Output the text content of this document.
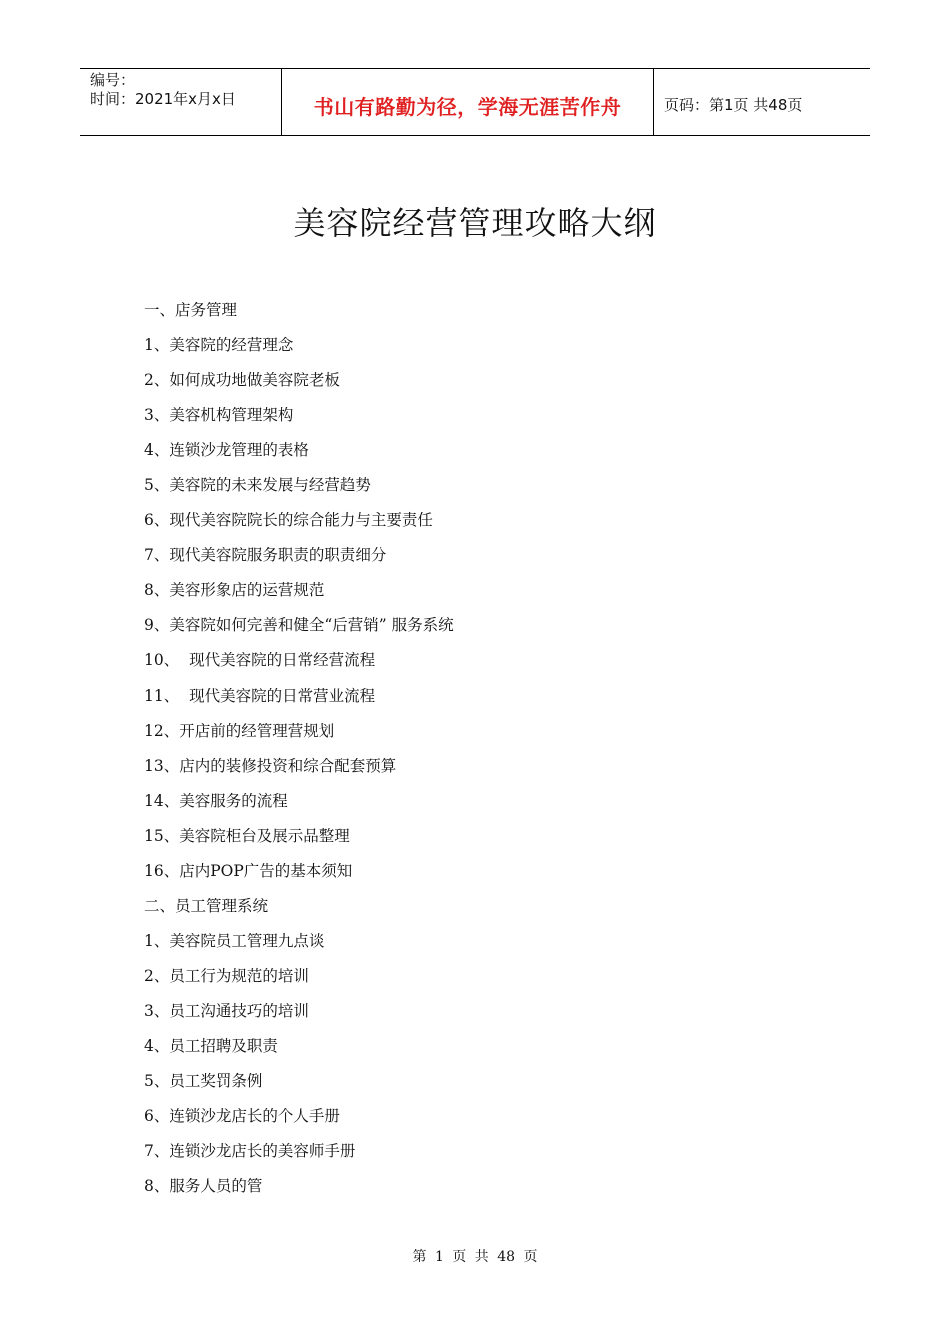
编号：
时间：2021年x月x日	书山有路勤为径，学海无涯苦作舟	页码：第1页 共48页
美容院经营管理攻略大纲
一、店务管理
1、美容院的经营理念
2、如何成功地做美容院老板
3、美容机构管理架构
4、连锁沙龙管理的表格
5、美容院的未来发展与经营趋势
6、现代美容院院长的综合能力与主要责任
7、现代美容院服务职责的职责细分
8、美容形象店的运营规范
9、美容院如何完善和健全“后营销” 服务系统
10、  现代美容院的日常经营流程
11、  现代美容院的日常营业流程
12、开店前的经管理营规划
13、店内的装修投资和综合配套预算
14、美容服务的流程
15、美容院柜台及展示品整理
16、店内POP广告的基本须知
二、员工管理系统
1、美容院员工管理九点谈
2、员工行为规范的培训
3、员工沟通技巧的培训
4、员工招聘及职责
5、员工奖罚条例
6、连锁沙龙店长的个人手册
7、连锁沙龙店长的美容师手册
8、服务人员的管
第 1 页 共 48 页
